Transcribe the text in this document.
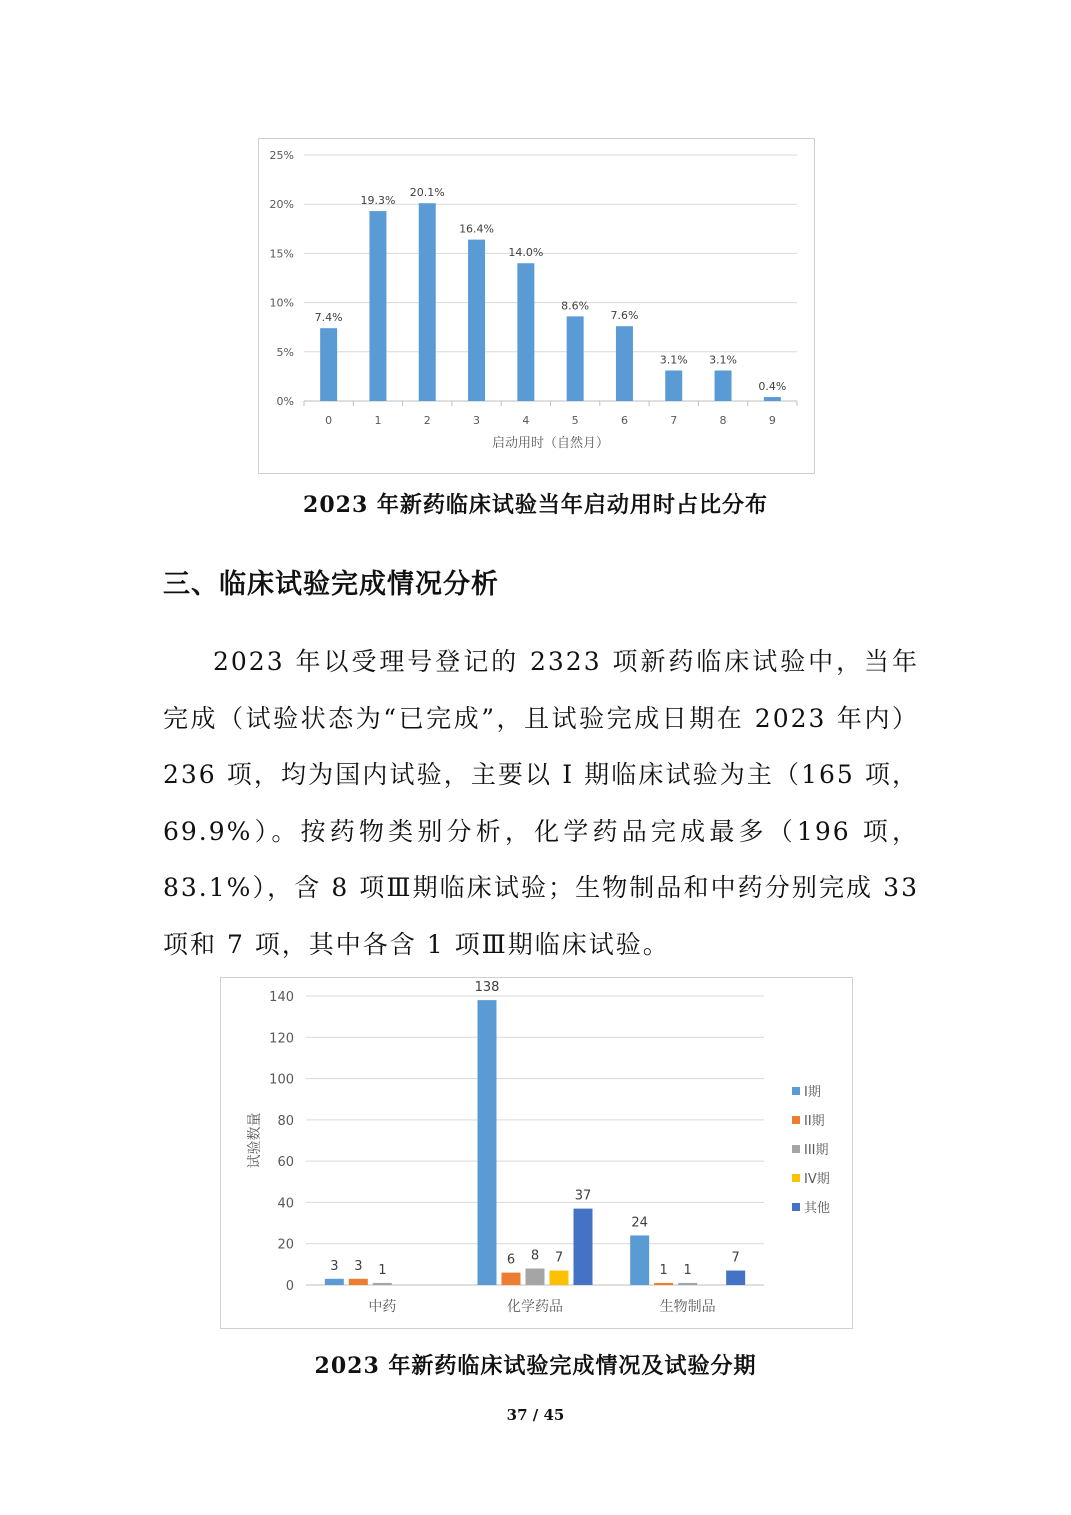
0%
5%
10%
15%
20%
25%
7.4%
0
19.3%
1
20.1%
2
16.4%
3
14.0%
4
8.6%
5
7.6%
6
3.1%
7
3.1%
8
0.4%
9
启动用时（自然月）
2023 年新药临床试验当年启动用时占比分布
三、临床试验完成情况分析

2023 年以受理号登记的 2323 项新药临床试验中，当年完成（试验状态为“已完成”，且试验完成日期在 2023 年内）236 项，均为国内试验，主要以 I 期临床试验为主（165 项，69.9%）。按药物类别分析，化学药品完成最多（196 项，83.1%），含 8 项Ⅲ期临床试验；生物制品和中药分别完成 33 项和 7 项，其中各含 1 项Ⅲ期临床试验。

0
20
40
60
80
100
120
140
试验数量
3 3 1
中药
138
6 8 7
37
化学药品
24
1 1
7
生物制品
I期
II期
III期
IV期
其他
2023 年新药临床试验完成情况及试验分期
37 / 45
